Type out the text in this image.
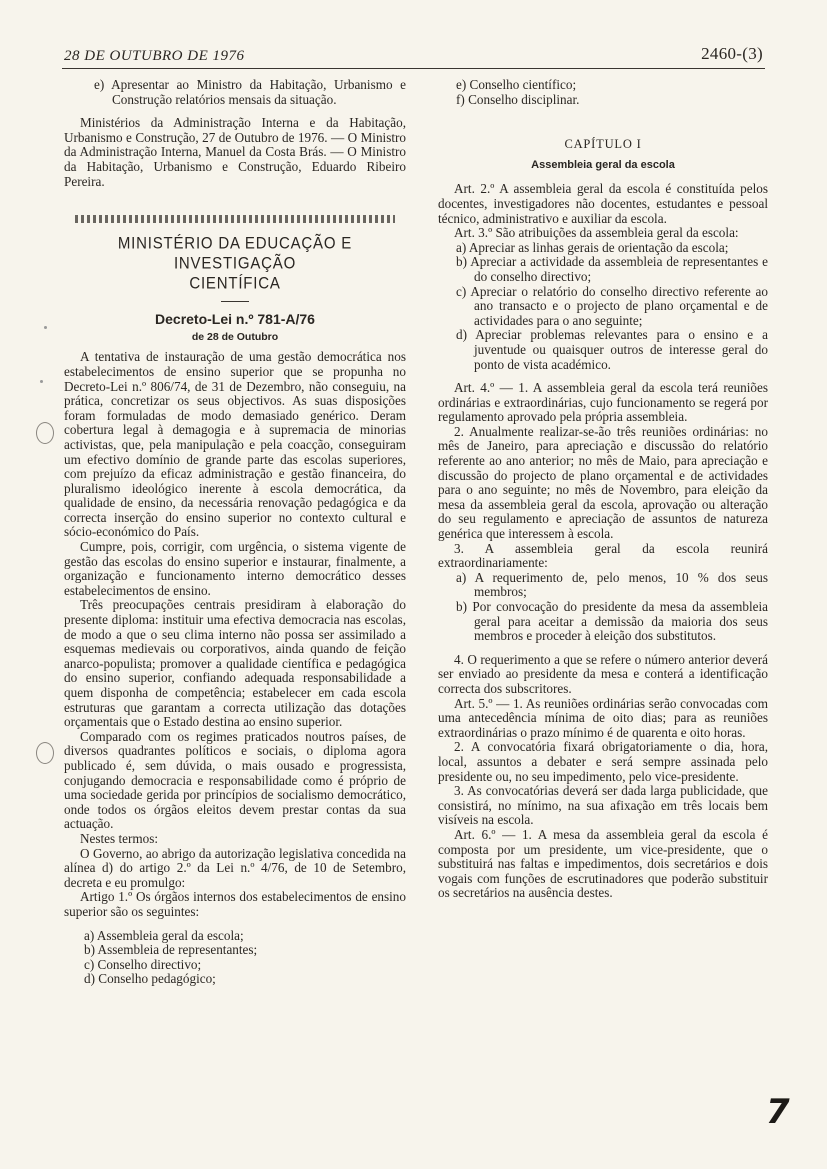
28 DE OUTUBRO DE 1976	2460-(3)

e) Apresentar ao Ministro da Habitação, Urbanismo e Construção relatórios mensais da situação.

Ministérios da Administração Interna e da Habitação, Urbanismo e Construção, 27 de Outubro de 1976. — O Ministro da Administração Interna, Manuel da Costa Brás. — O Ministro da Habitação, Urbanismo e Construção, Eduardo Ribeiro Pereira.

MINISTÉRIO DA EDUCAÇÃO E INVESTIGAÇÃO
CIENTÍFICA
Decreto-Lei n.º 781-A/76
de 28 de Outubro

A tentativa de instauração de uma gestão democrática nos estabelecimentos de ensino superior que se propunha no Decreto-Lei n.º 806/74, de 31 de Dezembro, não conseguiu, na prática, concretizar os seus objectivos. As suas disposições foram formuladas de modo demasiado genérico. Deram cobertura legal à demagogia e à supremacia de minorias activistas, que, pela manipulação e pela coacção, conseguiram um efectivo domínio de grande parte das escolas superiores, com prejuízo da eficaz administração e gestão financeira, do pluralismo ideológico inerente à escola democrática, da qualidade de ensino, da necessária renovação pedagógica e da correcta inserção do ensino superior no contexto cultural e sócio-económico do País.

Cumpre, pois, corrigir, com urgência, o sistema vigente de gestão das escolas do ensino superior e instaurar, finalmente, a organização e funcionamento interno democrático desses estabelecimentos de ensino.

Três preocupações centrais presidiram à elaboração do presente diploma: instituir uma efectiva democracia nas escolas, de modo a que o seu clima interno não possa ser assimilado a esquemas medievais ou corporativos, ainda quando de feição anarco-populista; promover a qualidade científica e pedagógica do ensino superior, confiando adequada responsabilidade a quem disponha de competência; estabelecer em cada escola estruturas que garantam a correcta utilização das dotações orçamentais que o Estado destina ao ensino superior.

Comparado com os regimes praticados noutros países, de diversos quadrantes políticos e sociais, o diploma agora publicado é, sem dúvida, o mais ousado e progressista, conjugando democracia e responsabilidade como é próprio de uma sociedade gerida por princípios de socialismo democrático, onde todos os órgãos eleitos devem prestar contas da sua actuação.

Nestes termos:

O Governo, ao abrigo da autorização legislativa concedida na alínea d) do artigo 2.º da Lei n.º 4/76, de 10 de Setembro, decreta e eu promulgo:

Artigo 1.º Os órgãos internos dos estabelecimentos de ensino superior são os seguintes:

a) Assembleia geral da escola;

b) Assembleia de representantes;

c) Conselho directivo;

d) Conselho pedagógico;

e) Conselho científico;

f) Conselho disciplinar.

CAPÍTULO I
Assembleia geral da escola

Art. 2.º A assembleia geral da escola é constituída pelos docentes, investigadores não docentes, estudantes e pessoal técnico, administrativo e auxiliar da escola.

Art. 3.º São atribuições da assembleia geral da escola:

a) Apreciar as linhas gerais de orientação da escola;

b) Apreciar a actividade da assembleia de representantes e do conselho directivo;

c) Apreciar o relatório do conselho directivo referente ao ano transacto e o projecto de plano orçamental e de actividades para o ano seguinte;

d) Apreciar problemas relevantes para o ensino e a juventude ou quaisquer outros de interesse geral do ponto de vista académico.

Art. 4.º — 1. A assembleia geral da escola terá reuniões ordinárias e extraordinárias, cujo funcionamento se regerá por regulamento aprovado pela própria assembleia.

2. Anualmente realizar-se-ão três reuniões ordinárias: no mês de Janeiro, para apreciação e discussão do relatório referente ao ano anterior; no mês de Maio, para apreciação e discussão do projecto de plano orçamental e de actividades para o ano seguinte; no mês de Novembro, para eleição da mesa da assembleia geral da escola, aprovação ou alteração do seu regulamento e apreciação de assuntos de natureza genérica que interessem à escola.

3. A assembleia geral da escola reunirá extraordinariamente:

a) A requerimento de, pelo menos, 10 % dos seus membros;

b) Por convocação do presidente da mesa da assembleia geral para aceitar a demissão da maioria dos seus membros e proceder à eleição dos substitutos.

4. O requerimento a que se refere o número anterior deverá ser enviado ao presidente da mesa e conterá a identificação correcta dos subscritores.

Art. 5.º — 1. As reuniões ordinárias serão convocadas com uma antecedência mínima de oito dias; para as reuniões extraordinárias o prazo mínimo é de quarenta e oito horas.

2. A convocatória fixará obrigatoriamente o dia, hora, local, assuntos a debater e será sempre assinada pelo presidente ou, no seu impedimento, pelo vice-presidente.

3. As convocatórias deverá ser dada larga publicidade, que consistirá, no mínimo, na sua afixação em três locais bem visíveis na escola.

Art. 6.º — 1. A mesa da assembleia geral da escola é composta por um presidente, um vice-presidente, que o substituirá nas faltas e impedimentos, dois secretários e dois vogais com funções de escrutinadores que poderão substituir os secretários na ausência destes.

7
